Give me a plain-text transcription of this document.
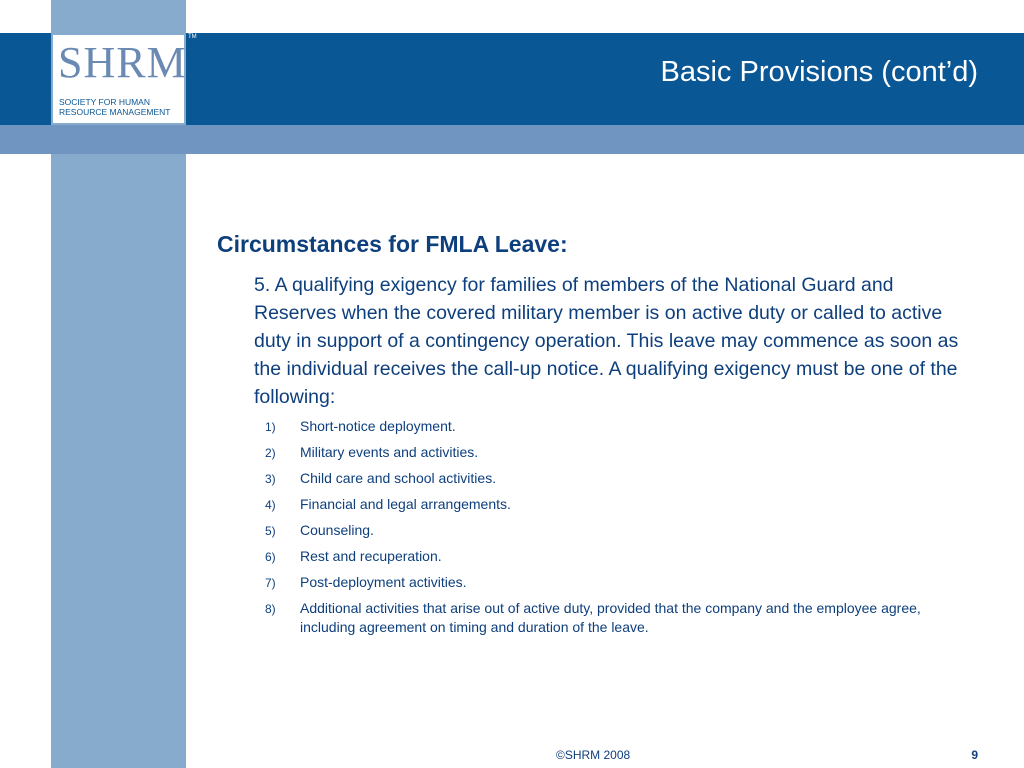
SHRM
SOCIETY FOR HUMAN RESOURCE MANAGEMENT
TM
Basic Provisions (cont’d)
Circumstances for FMLA Leave:
5. A qualifying exigency for families of members of the National Guard and Reserves when the covered military member is on active duty or called to active duty in support of a contingency operation. This leave may commence as soon as the individual receives the call-up notice. A qualifying exigency must be one of the following:
1)	Short-notice deployment.
2)	Military events and activities.
3)	Child care and school activities.
4)	Financial and legal arrangements.
5)	Counseling.
6)	Rest and recuperation.
7)	Post-deployment activities.
8)	Additional activities that arise out of active duty, provided that the company and the employee agree, including agreement on timing and duration of the leave.
©SHRM 2008	9
